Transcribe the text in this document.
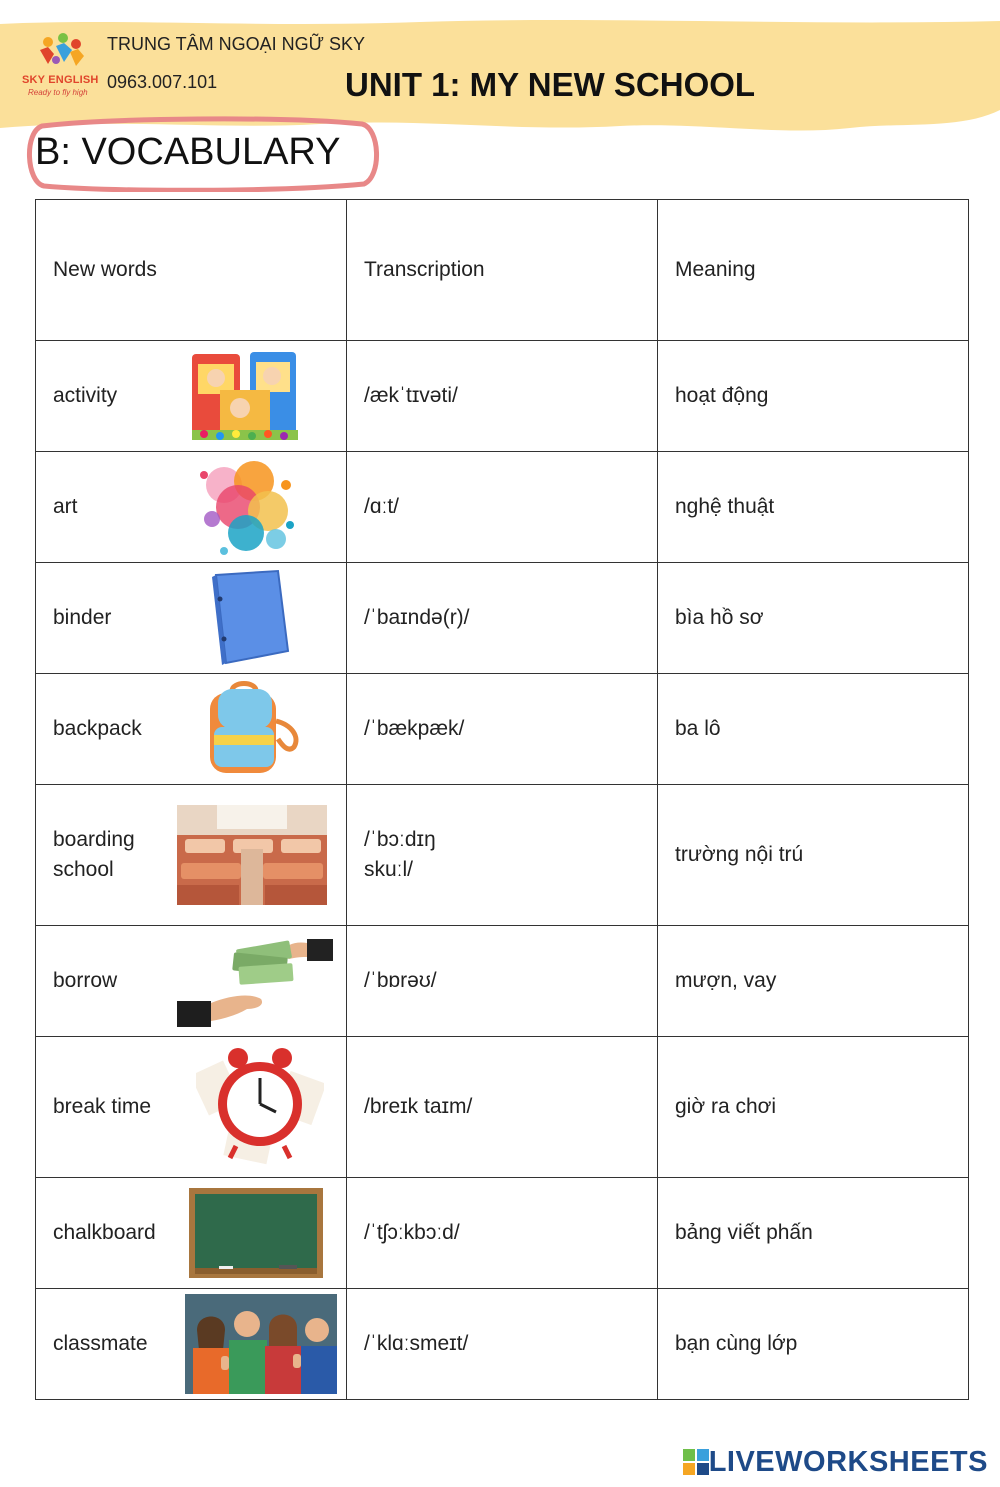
SKY ENGLISH
Ready to fly high
TRUNG TÂM NGOẠI NGỮ SKY
0963.007.101	UNIT 1: MY NEW SCHOOL
B: VOCABULARY
New words	Transcription	Meaning
activity	/ækˈtɪvəti/	hoạt động
art	/ɑːt/	nghệ thuật
binder	/ˈbaɪndə(r)/	bìa hồ sơ
backpack	/ˈbækpæk/	ba lô
boarding school	/ˈbɔːdɪŋ skuːl/	trường nội trú
borrow	/ˈbɒrəʊ/	mượn, vay
break time	/breɪk taɪm/	giờ ra chơi
chalkboard	/ˈtʃɔːkbɔːd/	bảng viết phấn
classmate	/ˈklɑːsmeɪt/	bạn cùng lớp
LIVEWORKSHEETS
